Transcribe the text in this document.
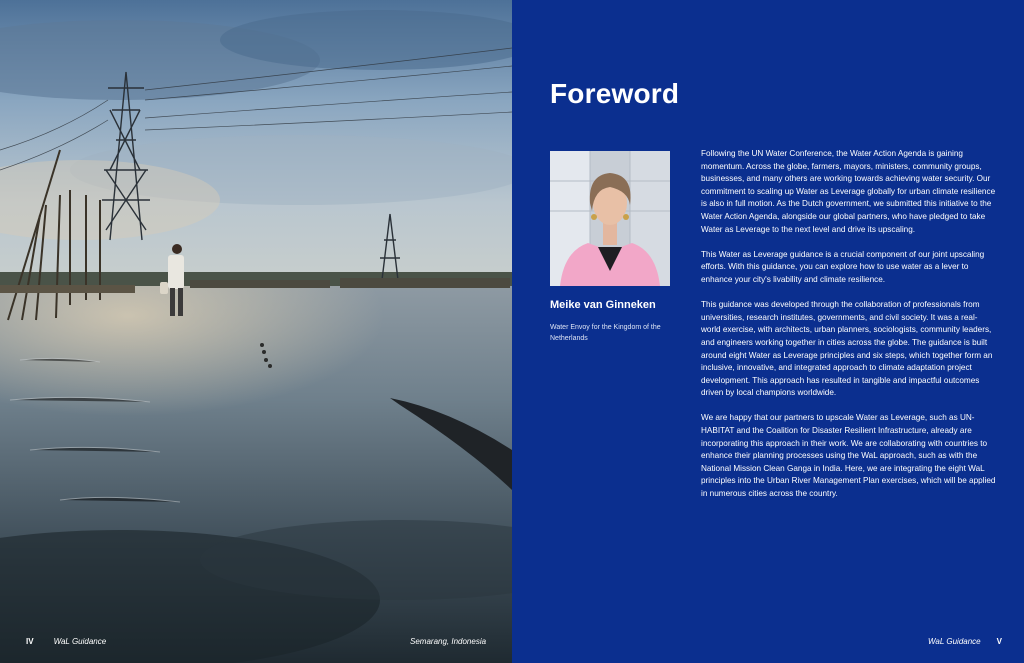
IV	WaL Guidance	Semarang, Indonesia
Foreword
Meike van Ginneken
Water Envoy for the Kingdom of the Netherlands

Following the UN Water Conference, the Water Action Agenda is gaining momentum. Across the globe, farmers, mayors, ministers, community groups, businesses, and many others are working towards achieving water security. Our commitment to scaling up Water as Leverage globally for urban climate resilience is also in full motion. As the Dutch government, we submitted this initiative to the Water Action Agenda, alongside our global partners, who have pledged to take Water as Leverage to the next level and drive its upscaling.

This Water as Leverage guidance is a crucial component of our joint upscaling efforts. With this guidance, you can explore how to use water as a lever to enhance your city's livability and climate resilience.

This guidance was developed through the collaboration of professionals from universities, research institutes, governments, and civil society. It was a real-world exercise, with architects, urban planners, sociologists, community leaders, and engineers working together in cities across the globe. The guidance is built around eight Water as Leverage principles and six steps, which together form an inclusive, innovative, and integrated approach to climate adaptation project development. This approach has resulted in tangible and impactful outcomes driven by local champions worldwide.

We are happy that our partners to upscale Water as Leverage, such as UN-HABITAT and the Coalition for Disaster Resilient Infrastructure, already are incorporating this approach in their work. We are collaborating with countries to enhance their planning processes using the WaL approach, such as with the National Mission Clean Ganga in India. Here, we are integrating the eight WaL principles into the Urban River Management Plan exercises, which will be applied in numerous cities across the country.

WaL Guidance V
